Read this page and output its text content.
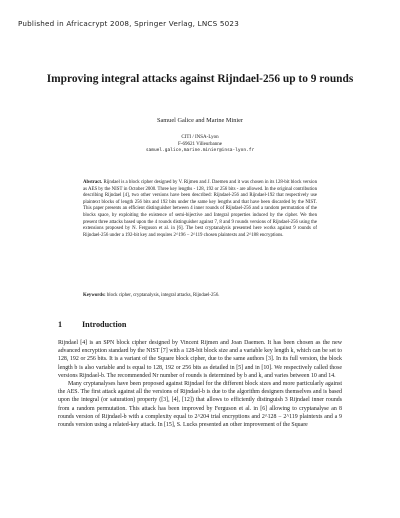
Published in Africacrypt 2008, Springer Verlag, LNCS 5023
Improving integral attacks against Rijndael-256 up to 9 rounds
Samuel Galice and Marine Minier
CITI / INSA-Lyon
F-69621 Villeurbanne
samuel.galice,marine.minier@insa-lyon.fr
Abstract. Rijndael is a block cipher designed by V. Rijmen and J. Daemen and it was chosen in its 128-bit block version as AES by the NIST in October 2000. Three key lengths - 128, 192 or 256 bits - are allowed. In the original contribution describing Rijndael [4], two other versions have been described: Rijndael-256 and Rijndael-192 that respectively use plaintext blocks of length 256 bits and 192 bits under the same key lengths and that have been discarded by the NIST. This paper presents an efficient distinguisher between 4 inner rounds of Rijndael-256 and a random permutation of the blocks space, by exploiting the existence of semi-bijective and Integral properties induced by the cipher. We then present three attacks based upon the 4 rounds distinguisher against 7, 8 and 9 rounds versions of Rijndael-256 using the extensions proposed by N. Ferguson et al. in [6]. The best cryptanalysis presented here works against 9 rounds of Rijndael-256 under a 192-bit key and requires 2^196 − 2^119 chosen plaintexts and 2^188 encryptions.
Keywords: block cipher, cryptanalysis, integral attacks, Rijndael-256.
1 Introduction

Rijndael [4] is an SPN block cipher designed by Vincent Rijmen and Joan Daemen. It has been chosen as the new advanced encryption standard by the NIST [7] with a 128-bit block size and a variable key length k, which can be set to 128, 192 or 256 bits. It is a variant of the Square block cipher, due to the same authors [3]. In its full version, the block length b is also variable and is equal to 128, 192 or 256 bits as detailed in [5] and in [10]. We respectively called those versions Rijndael-b. The recommended Nr number of rounds is determined by b and k, and varies between 10 and 14.

Many cryptanalyses have been proposed against Rijndael for the different block sizes and more particularly against the AES. The first attack against all the versions of Rijndael-b is due to the algorithm designers themselves and is based upon the integral (or saturation) property ([3], [4], [12]) that allows to efficiently distinguish 3 Rijndael inner rounds from a random permutation. This attack has been improved by Ferguson et al. in [6] allowing to cryptanalyse an 8 rounds version of Rijndael-b with a complexity equal to 2^204 trial encryptions and 2^128 − 2^119 plaintexts and a 9 rounds version using a related-key attack. In [15], S. Lucks presented an other improvement of the Square
